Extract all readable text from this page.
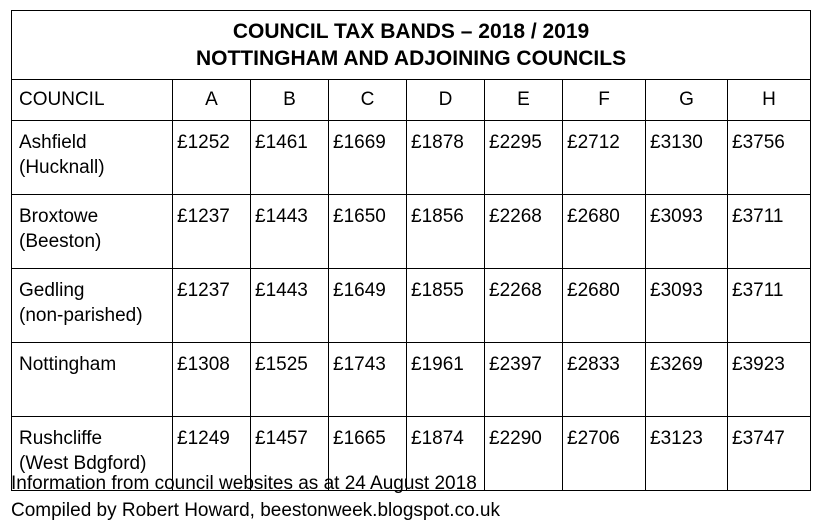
COUNCIL TAX BANDS – 2018 / 2019
NOTTINGHAM AND ADJOINING COUNCILS								

COUNCIL	A	B	C	D	E	F	G	H

Ashfield
(Hucknall)	£1252	£1461	£1669	£1878	£2295	£2712	£3130	£3756

Broxtowe
(Beeston)	£1237	£1443	£1650	£1856	£2268	£2680	£3093	£3711

Gedling
(non-parished)	£1237	£1443	£1649	£1855	£2268	£2680	£3093	£3711

Nottingham	£1308	£1525	£1743	£1961	£2397	£2833	£3269	£3923

Rushcliffe
(West Bdgford)	£1249	£1457	£1665	£1874	£2290	£2706	£3123	£3747
Information from council websites as at 24 August 2018
Compiled by Robert Howard, beestonweek.blogspot.co.uk
